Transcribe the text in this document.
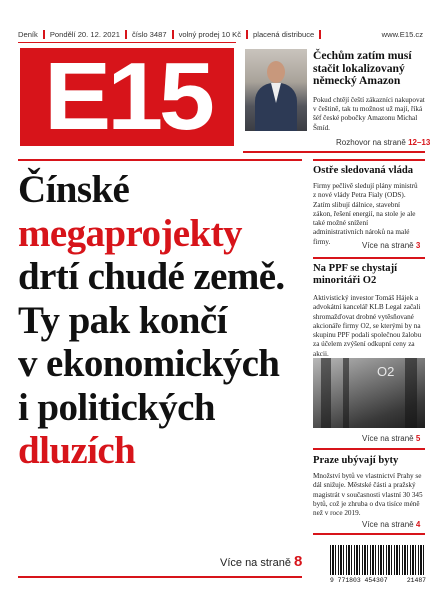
Deník Pondělí 20. 12. 2021 číslo 3487 volný prodej 10 Kč placená distribuce	www.E15.cz
E15	Čechům zatím musí stačit lokalizovaný německý Amazon
Pokud chtějí čeští zákazníci nakupovat v češtině, tak tu možnost už mají, říká šéf české pobočky Amazonu Michal Šmíd.
Rozhovor na straně 12–13
Čínské
megaprojekty
drtí chudé země.
Ty pak končí
v ekonomických
i politických
dluzích
Více na straně 8
Ostře sledovaná vláda
Firmy pečlivě sledují plány ministrů z nové vlády Petra Fialy (ODS). Zatím slibují dálnice, stavební zákon, řešení energií, na stole je ale také možné snížení administrativních nároků na malé firmy.	Více na straně 3
Na PPF se chystají minoritáři O2
Aktivistický investor Tomáš Hájek a advokátní kancelář KLB Legal začali shromažďovat drobné vytěsňované akcionáře firmy O2, se kterými by na skupinu PPF podali společnou žalobu za účelem zvýšení odkupní ceny za akcii.
O2
Více na straně 5
Praze ubývají byty
Množství bytů ve vlastnictví Prahy se dál snižuje. Městské části a pražský magistrát v současnosti vlastní 30 345 bytů, což je zhruba o dva tisíce méně než v roce 2019.
Více na straně 4
9 771803 454307	21487
